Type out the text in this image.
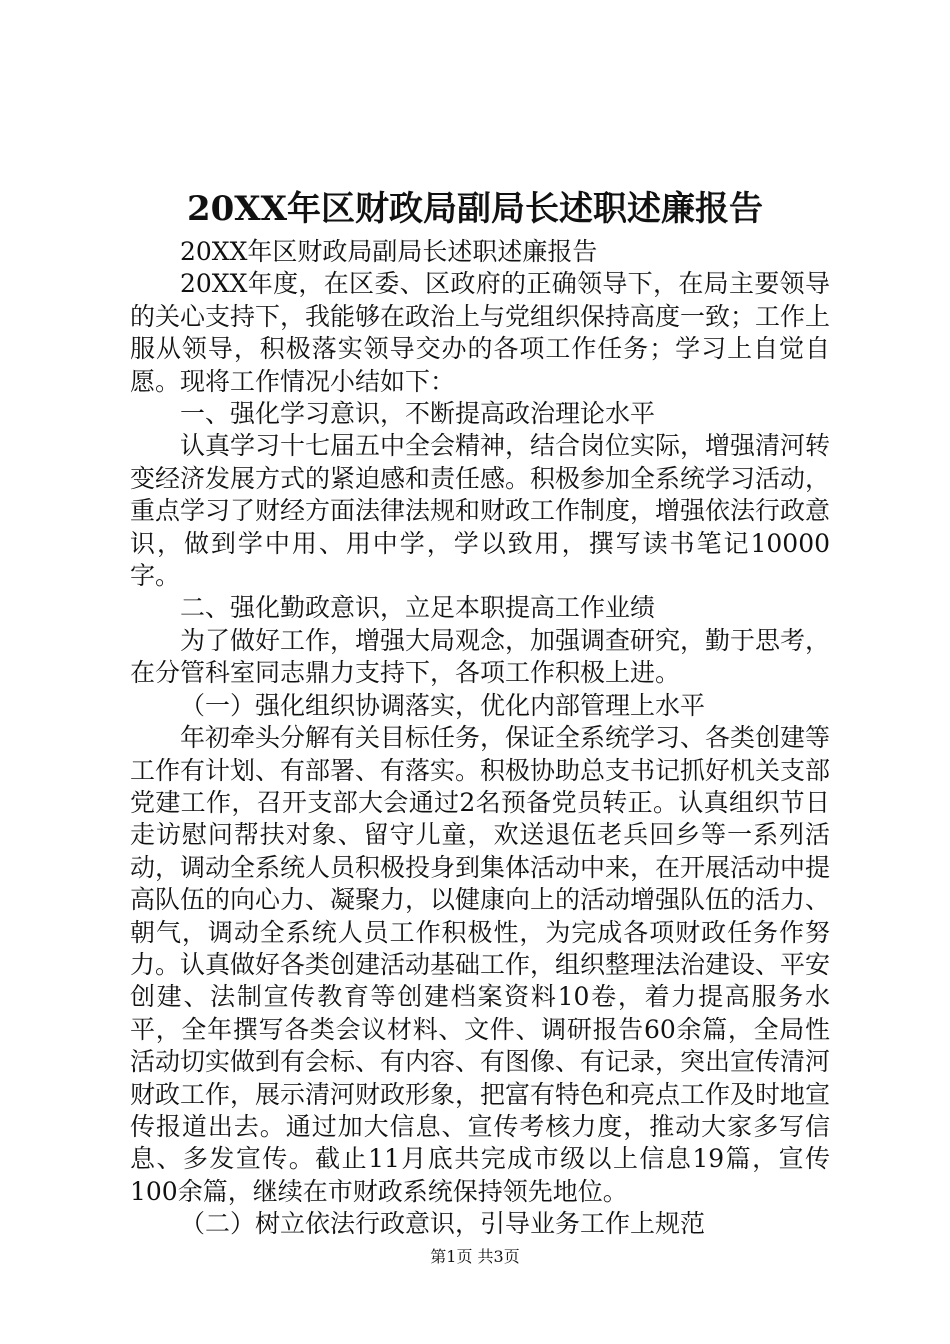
20XX年区财政局副局长述职述廉报告

20XX年区财政局副局长述职述廉报告

20XX年度，在区委、区政府的正确领导下，在局主要领导的关心支持下，我能够在政治上与党组织保持高度一致；工作上服从领导，积极落实领导交办的各项工作任务；学习上自觉自愿。现将工作情况小结如下：

一、强化学习意识，不断提高政治理论水平

认真学习十七届五中全会精神，结合岗位实际，增强清河转变经济发展方式的紧迫感和责任感。积极参加全系统学习活动，重点学习了财经方面法律法规和财政工作制度，增强依法行政意识，做到学中用、用中学，学以致用，撰写读书笔记10000字。

二、强化勤政意识，立足本职提高工作业绩

为了做好工作，增强大局观念，加强调查研究，勤于思考，在分管科室同志鼎力支持下，各项工作积极上进。

（一）强化组织协调落实，优化内部管理上水平

年初牵头分解有关目标任务，保证全系统学习、各类创建等工作有计划、有部署、有落实。积极协助总支书记抓好机关支部党建工作，召开支部大会通过2名预备党员转正。认真组织节日走访慰问帮扶对象、留守儿童，欢送退伍老兵回乡等一系列活动，调动全系统人员积极投身到集体活动中来，在开展活动中提高队伍的向心力、凝聚力，以健康向上的活动增强队伍的活力、朝气，调动全系统人员工作积极性，为完成各项财政任务作努力。认真做好各类创建活动基础工作，组织整理法治建设、平安创建、法制宣传教育等创建档案资料10卷，着力提高服务水平，全年撰写各类会议材料、文件、调研报告60余篇，全局性活动切实做到有会标、有内容、有图像、有记录，突出宣传清河财政工作，展示清河财政形象，把富有特色和亮点工作及时地宣传报道出去。通过加大信息、宣传考核力度，推动大家多写信息、多发宣传。截止11月底共完成市级以上信息19篇，宣传100余篇，继续在市财政系统保持领先地位。

（二）树立依法行政意识，引导业务工作上规范

第1页 共3页
